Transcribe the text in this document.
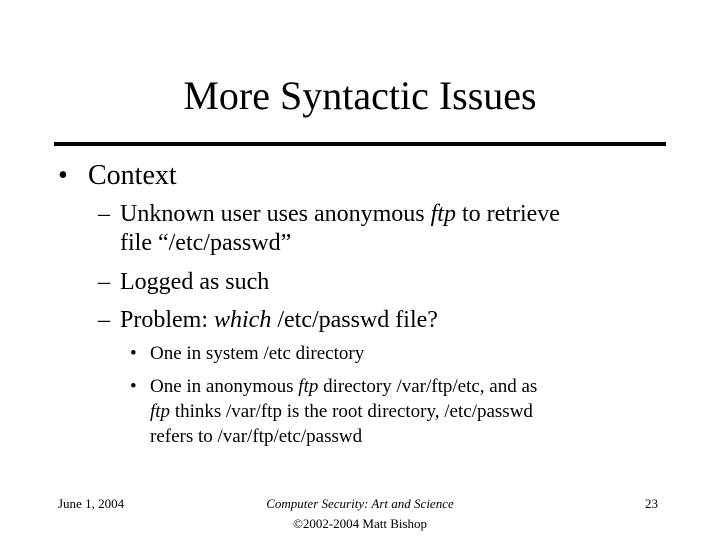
More Syntactic Issues
• Context
– Unknown user uses anonymous ftp to retrieve
file “/etc/passwd”
– Logged as such
– Problem: which /etc/passwd file?
• One in system /etc directory
• One in anonymous ftp directory /var/ftp/etc, and as
ftp thinks /var/ftp is the root directory, /etc/passwd
refers to /var/ftp/etc/passwd
June 1, 2004	Computer Security: Art and Science
©2002-2004 Matt Bishop
23
